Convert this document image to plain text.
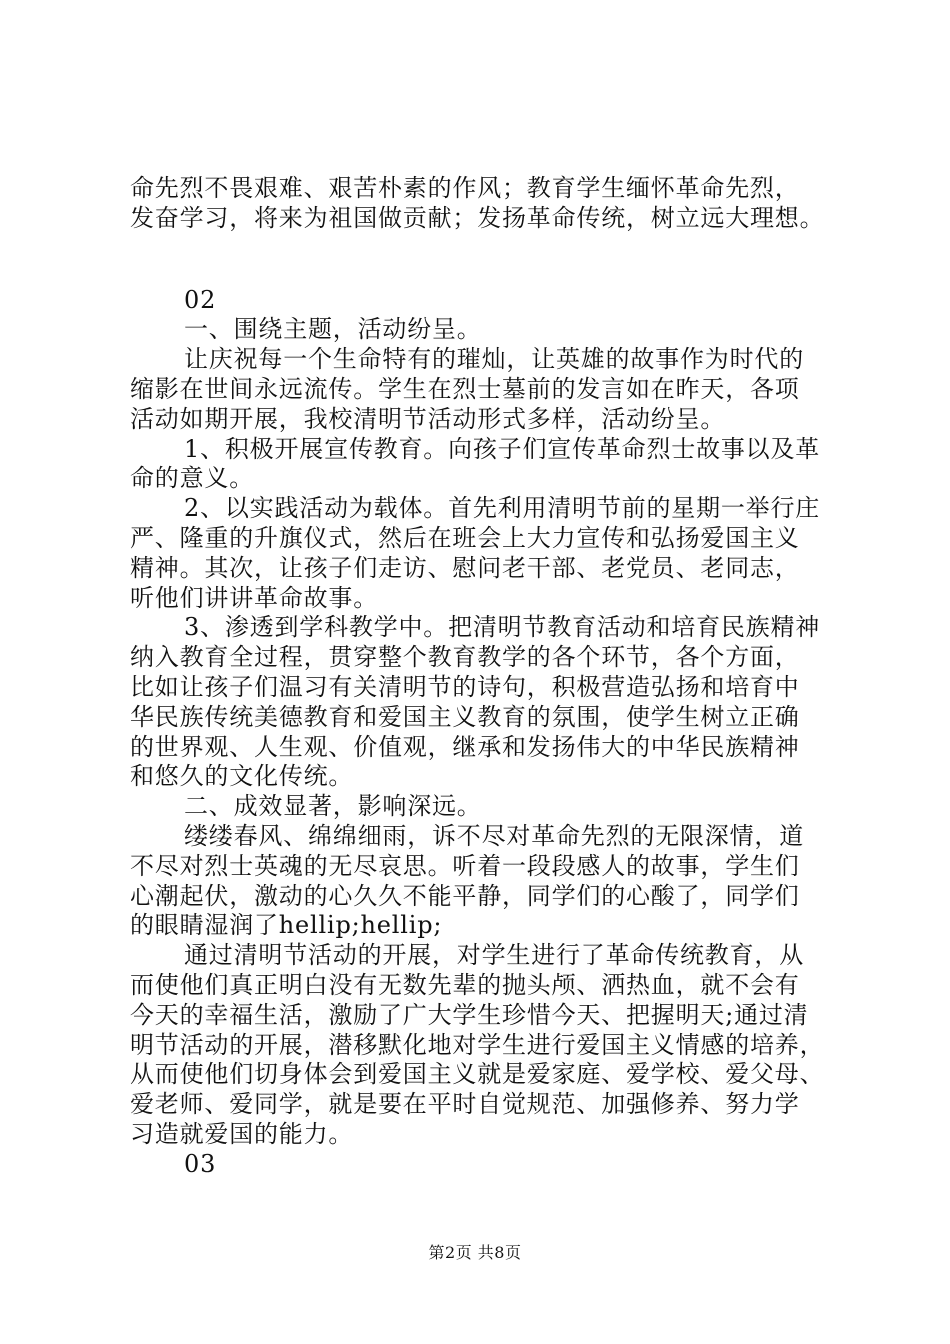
命先烈不畏艰难、艰苦朴素的作风；教育学生缅怀革命先烈，
发奋学习，将来为祖国做贡献；发扬革命传统，树立远大理想。
02
一、围绕主题，活动纷呈。
让庆祝每一个生命特有的璀灿，让英雄的故事作为时代的
缩影在世间永远流传。学生在烈士墓前的发言如在昨天，各项
活动如期开展，我校清明节活动形式多样，活动纷呈。
1、积极开展宣传教育。向孩子们宣传革命烈士故事以及革
命的意义。
2、以实践活动为载体。首先利用清明节前的星期一举行庄
严、隆重的升旗仪式，然后在班会上大力宣传和弘扬爱国主义
精神。其次，让孩子们走访、慰问老干部、老党员、老同志，
听他们讲讲革命故事。
3、渗透到学科教学中。把清明节教育活动和培育民族精神
纳入教育全过程，贯穿整个教育教学的各个环节，各个方面，
比如让孩子们温习有关清明节的诗句，积极营造弘扬和培育中
华民族传统美德教育和爱国主义教育的氛围，使学生树立正确
的世界观、人生观、价值观，继承和发扬伟大的中华民族精神
和悠久的文化传统。
二、成效显著，影响深远。
缕缕春风、绵绵细雨，诉不尽对革命先烈的无限深情，道
不尽对烈士英魂的无尽哀思。听着一段段感人的故事，学生们
心潮起伏，激动的心久久不能平静，同学们的心酸了，同学们
的眼睛湿润了hellip;hellip;
通过清明节活动的开展，对学生进行了革命传统教育，从
而使他们真正明白没有无数先辈的抛头颅、洒热血，就不会有
今天的幸福生活，激励了广大学生珍惜今天、把握明天;通过清
明节活动的开展，潜移默化地对学生进行爱国主义情感的培养，
从而使他们切身体会到爱国主义就是爱家庭、爱学校、爱父母、
爱老师、爱同学，就是要在平时自觉规范、加强修养、努力学
习造就爱国的能力。
03
第2页 共8页
